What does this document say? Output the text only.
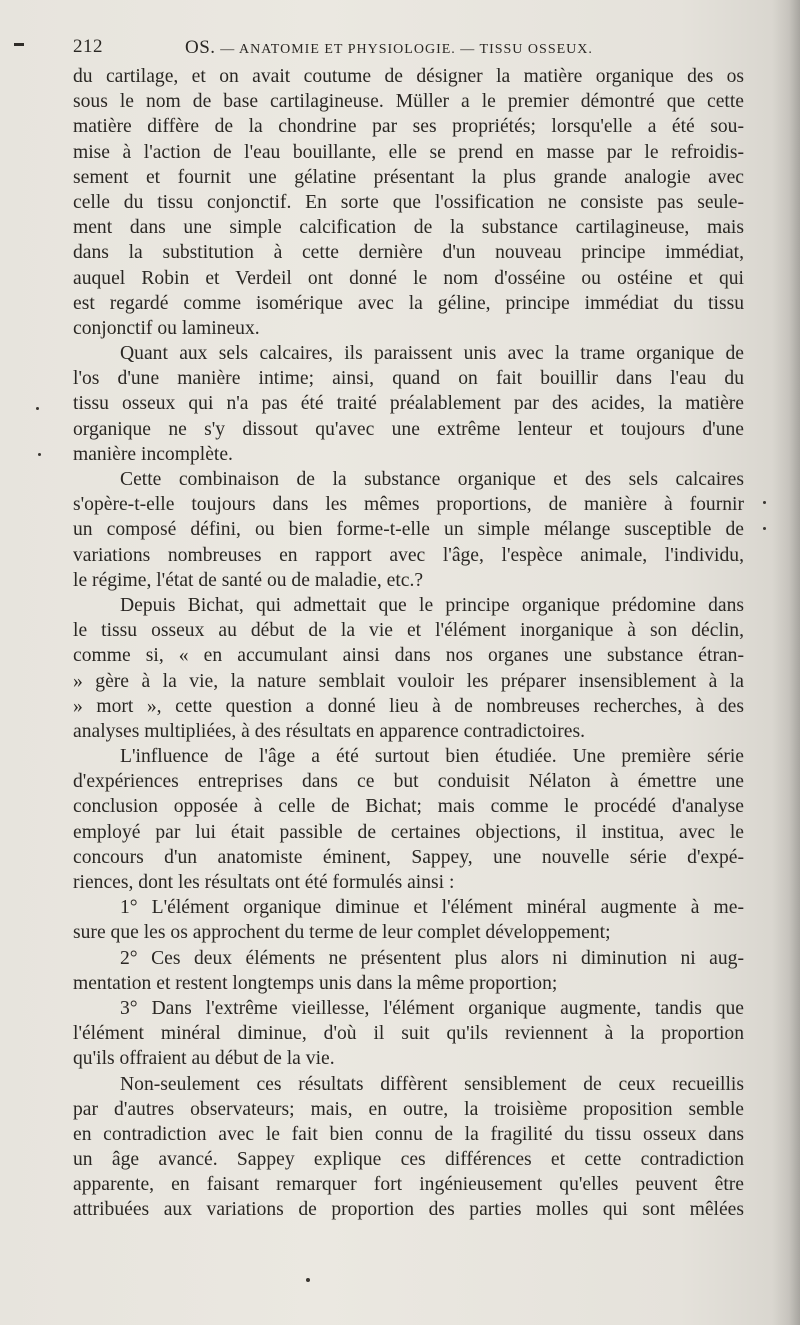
212	OS. — ANATOMIE ET PHYSIOLOGIE. — TISSU OSSEUX.
du cartilage, et on avait coutume de désigner la matière organique des os
sous le nom de base cartilagineuse. Müller a le premier démontré que cette
matière diffère de la chondrine par ses propriétés; lorsqu'elle a été sou-
mise à l'action de l'eau bouillante, elle se prend en masse par le refroidis-
sement et fournit une gélatine présentant la plus grande analogie avec
celle du tissu conjonctif. En sorte que l'ossification ne consiste pas seule-
ment dans une simple calcification de la substance cartilagineuse, mais
dans la substitution à cette dernière d'un nouveau principe immédiat,
auquel Robin et Verdeil ont donné le nom d'osséine ou ostéine et qui
est regardé comme isomérique avec la géline, principe immédiat du tissu
conjonctif ou lamineux.
Quant aux sels calcaires, ils paraissent unis avec la trame organique de
l'os d'une manière intime; ainsi, quand on fait bouillir dans l'eau du
tissu osseux qui n'a pas été traité préalablement par des acides, la matière
organique ne s'y dissout qu'avec une extrême lenteur et toujours d'une
manière incomplète.
Cette combinaison de la substance organique et des sels calcaires
s'opère-t-elle toujours dans les mêmes proportions, de manière à fournir
un composé défini, ou bien forme-t-elle un simple mélange susceptible de
variations nombreuses en rapport avec l'âge, l'espèce animale, l'individu,
le régime, l'état de santé ou de maladie, etc.?
Depuis Bichat, qui admettait que le principe organique prédomine dans
le tissu osseux au début de la vie et l'élément inorganique à son déclin,
comme si, « en accumulant ainsi dans nos organes une substance étran-
» gère à la vie, la nature semblait vouloir les préparer insensiblement à la
» mort », cette question a donné lieu à de nombreuses recherches, à des
analyses multipliées, à des résultats en apparence contradictoires.
L'influence de l'âge a été surtout bien étudiée. Une première série
d'expériences entreprises dans ce but conduisit Nélaton à émettre une
conclusion opposée à celle de Bichat; mais comme le procédé d'analyse
employé par lui était passible de certaines objections, il institua, avec le
concours d'un anatomiste éminent, Sappey, une nouvelle série d'expé-
riences, dont les résultats ont été formulés ainsi :
1° L'élément organique diminue et l'élément minéral augmente à me-
sure que les os approchent du terme de leur complet développement;
2° Ces deux éléments ne présentent plus alors ni diminution ni aug-
mentation et restent longtemps unis dans la même proportion;
3° Dans l'extrême vieillesse, l'élément organique augmente, tandis que
l'élément minéral diminue, d'où il suit qu'ils reviennent à la proportion
qu'ils offraient au début de la vie.
Non-seulement ces résultats diffèrent sensiblement de ceux recueillis
par d'autres observateurs; mais, en outre, la troisième proposition semble
en contradiction avec le fait bien connu de la fragilité du tissu osseux dans
un âge avancé. Sappey explique ces différences et cette contradiction
apparente, en faisant remarquer fort ingénieusement qu'elles peuvent être
attribuées aux variations de proportion des parties molles qui sont mêlées
